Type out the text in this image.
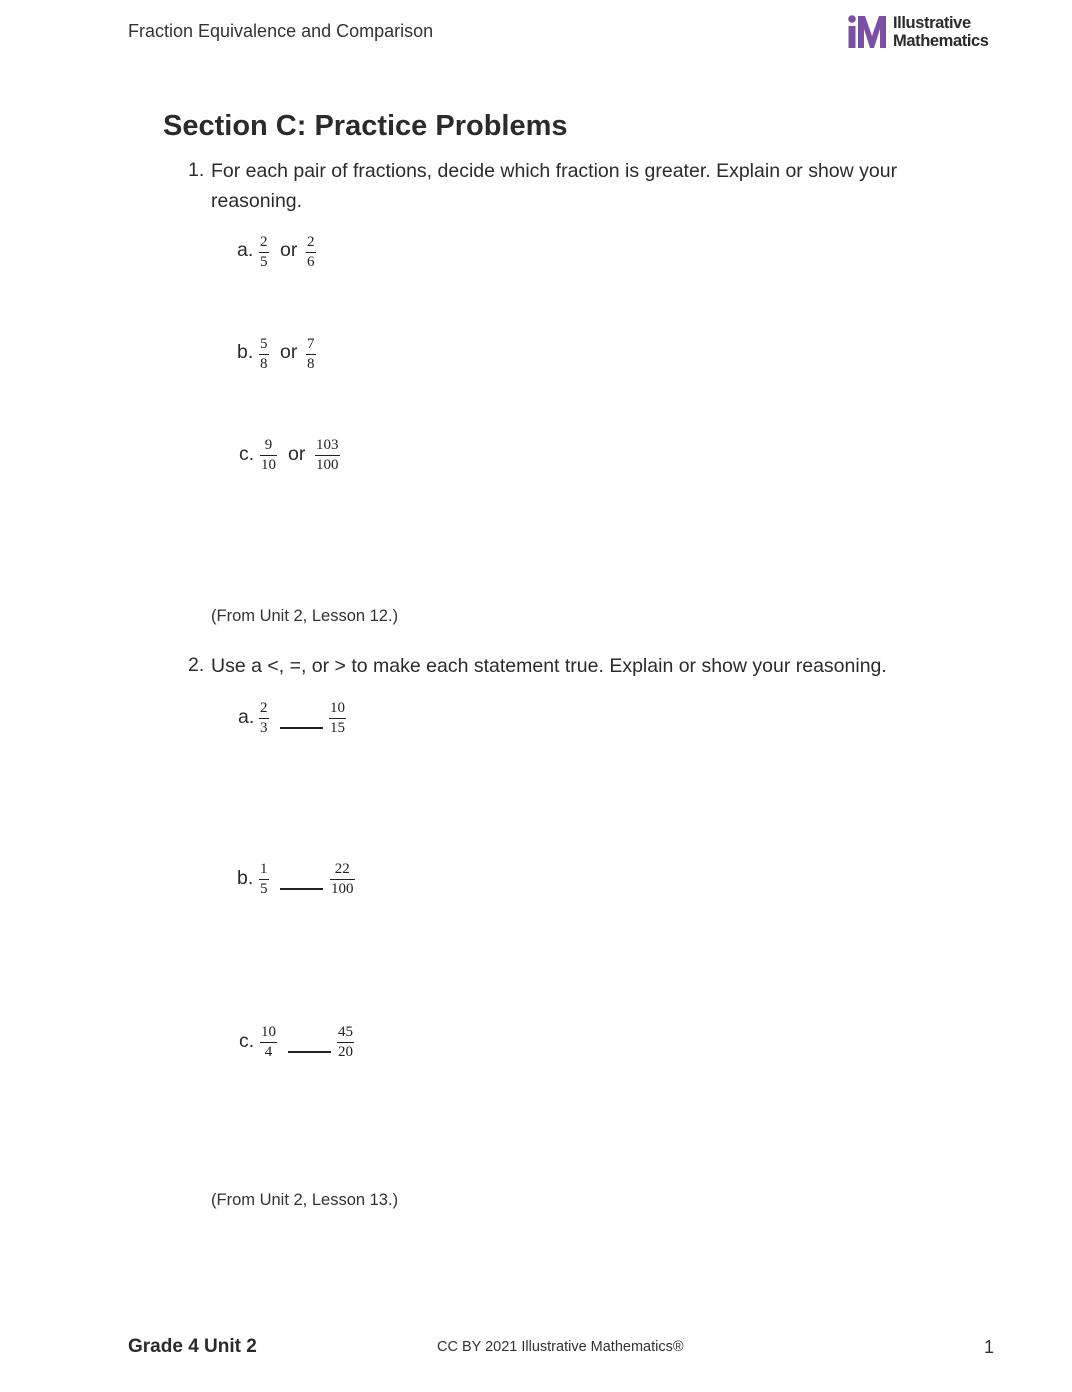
Fraction Equivalence and Comparison	Illustrative
Mathematics
Section C: Practice Problems
1. For each pair of fractions, decide which fraction is greater. Explain or show your reasoning.
a. $\frac{2}{5}$ or $\frac{2}{6}$
b. $\frac{5}{8}$ or $\frac{7}{8}$
c. $\frac{9}{10}$ or $\frac{103}{100}$
(From Unit 2, Lesson 12.)
2. Use a <, =, or > to make each statement true. Explain or show your reasoning.
a. $\frac{2}{3}$	$\frac{10}{15}$
b. $\frac{1}{5}$	$\frac{22}{100}$
c. $\frac{10}{4}$	$\frac{45}{20}$
(From Unit 2, Lesson 13.)
Grade 4 Unit 2	CC BY 2021 Illustrative Mathematics®	1
